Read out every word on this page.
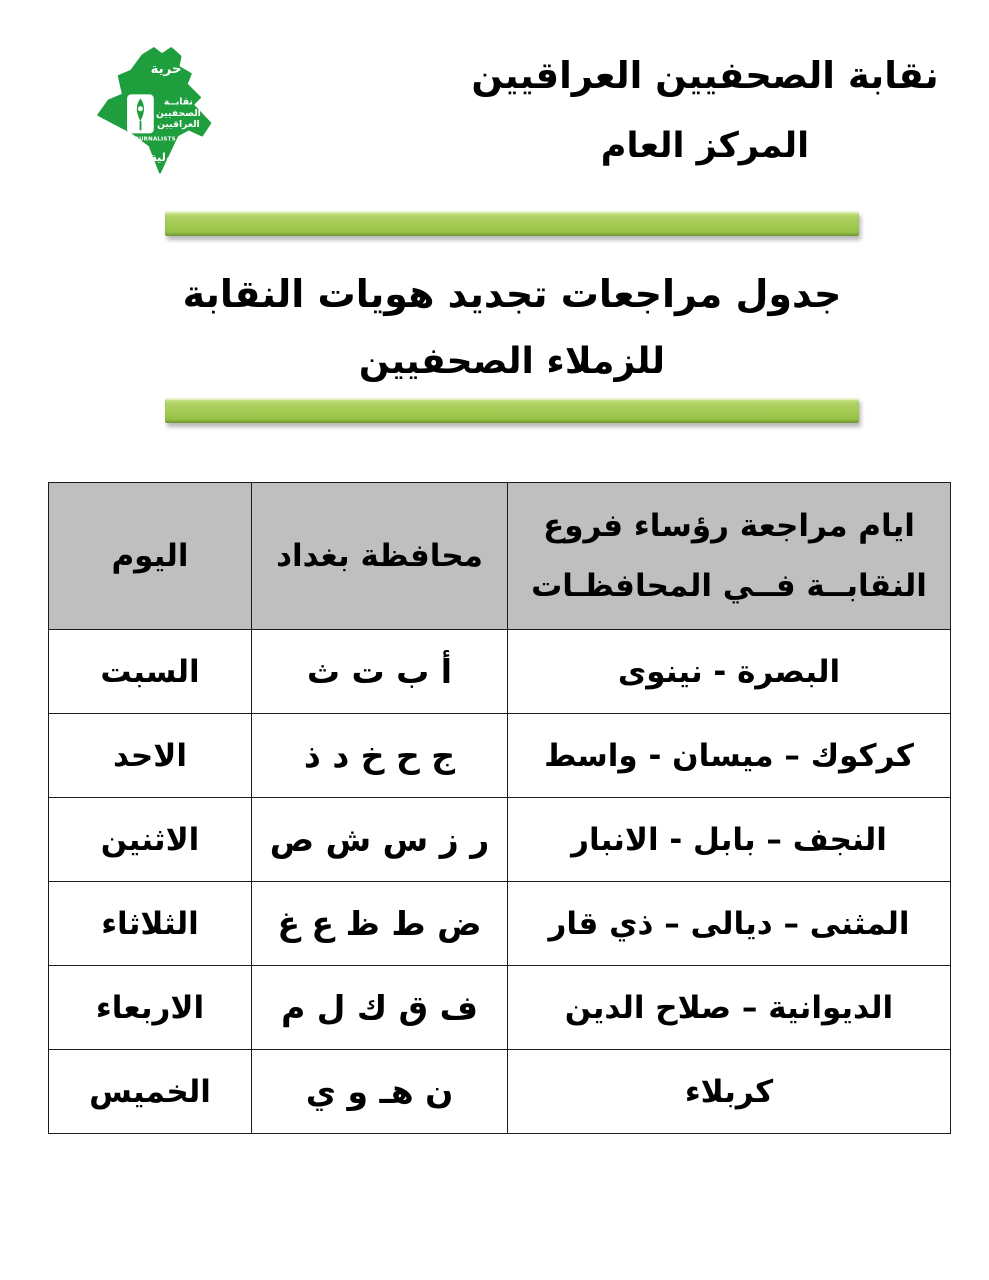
حرية
نقابــة
الصحفيين
العراقيين
IRAQ JOURNALISTS SYNDICATE
مسؤولية
نقابة الصحفيين العراقيين
المركز العام
جدول مراجعات تجديد هويات النقابة
للزملاء الصحفيين
ايام مراجعة رؤساء فروع
النقابــة فــي المحافظـات	محافظة بغداد	اليوم
البصرة - نينوى	أ ب ت ث	السبت
كركوك – ميسان - واسط	ج ح خ د ذ	الاحد
النجف – بابل - الانبار	ر ز س ش ص	الاثنين
المثنى – ديالى – ذي قار	ض ط ظ ع غ	الثلاثاء
الديوانية – صلاح الدين	ف ق ك ل م	الاربعاء
كربلاء	ن هـ و ي	الخميس
